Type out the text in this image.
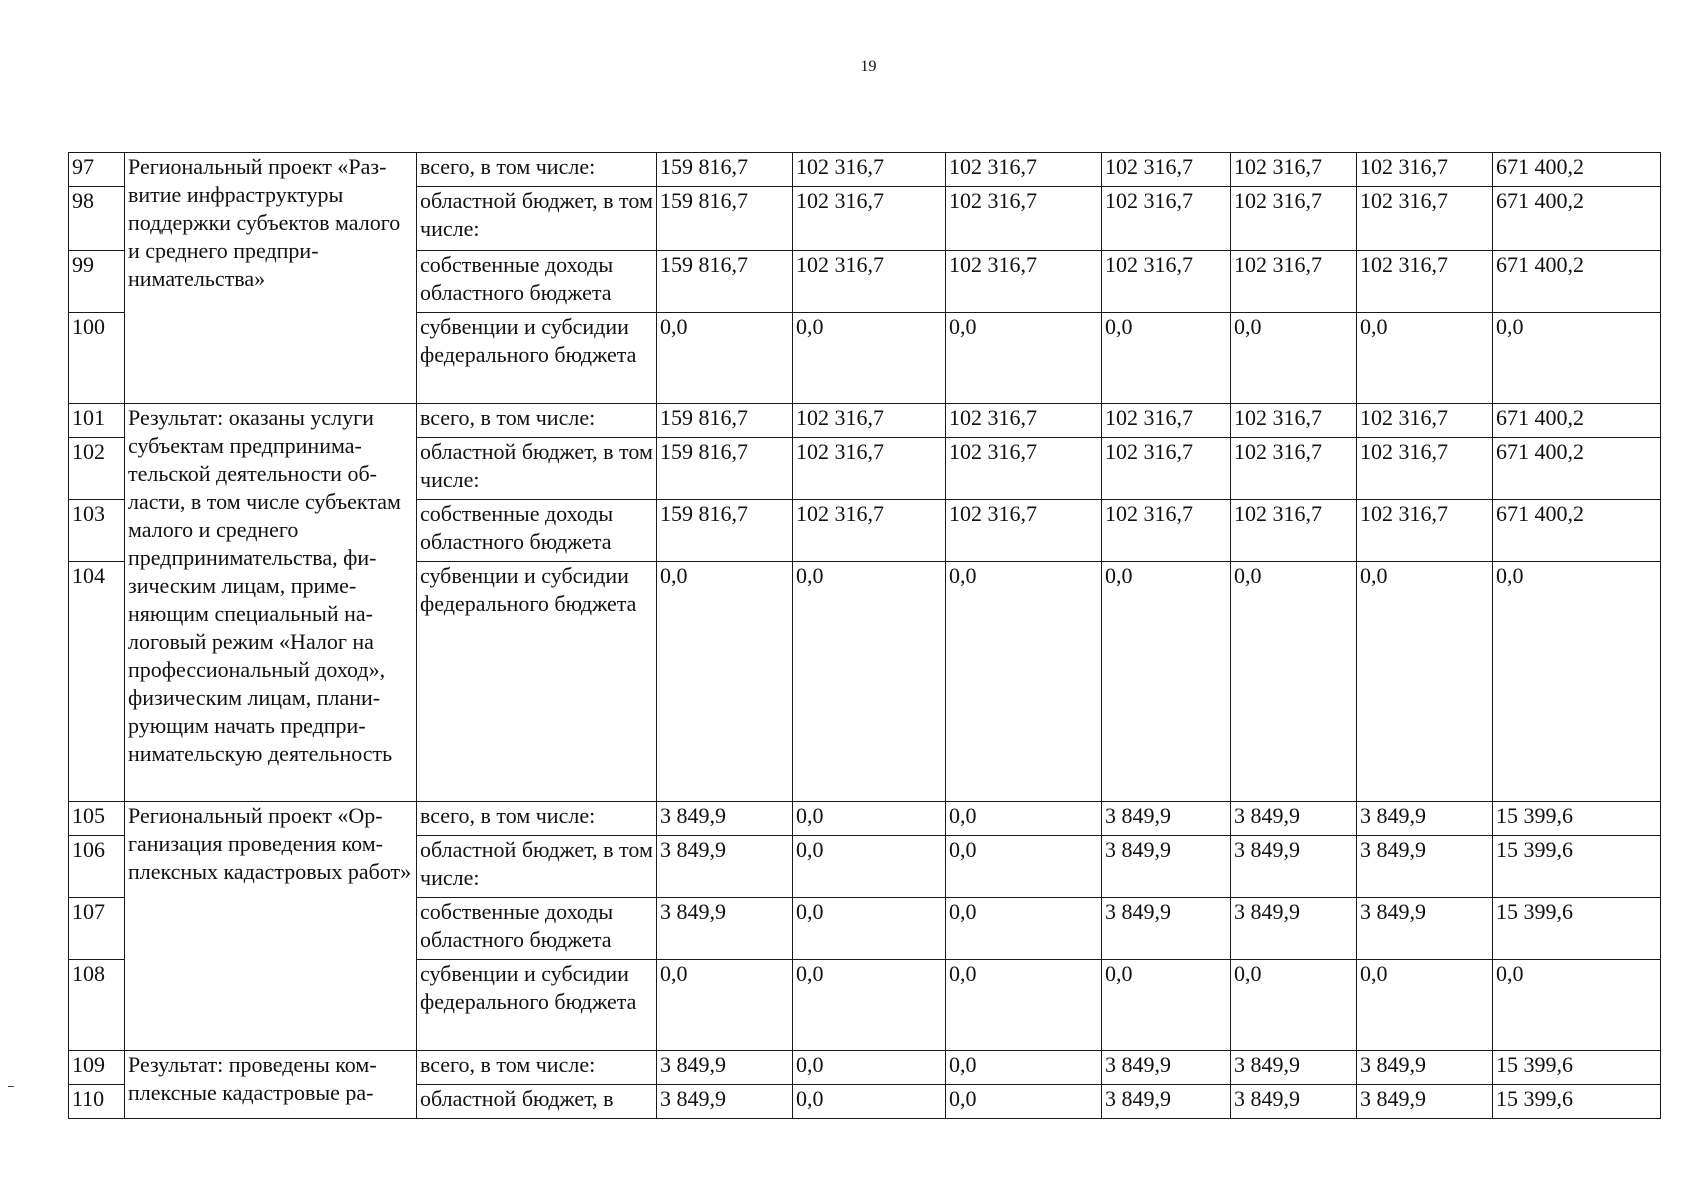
19
97	Региональный проект «Развитие инфраструктуры поддержки субъектов малого и среднего предпринимательства»	всего, в том числе:	159 816,7	102 316,7	102 316,7	102 316,7	102 316,7	102 316,7	671 400,2
98		областной бюджет, в том числе:	159 816,7	102 316,7	102 316,7	102 316,7	102 316,7	102 316,7	671 400,2
99		собственные доходы областного бюджета	159 816,7	102 316,7	102 316,7	102 316,7	102 316,7	102 316,7	671 400,2
100		субвенции и субсидии федерального бюджета	0,0	0,0	0,0	0,0	0,0	0,0	0,0
101	Результат: оказаны услуги субъектам предпринимательской деятельности области, в том числе субъектам малого и среднего предпринимательства, физическим лицам, применяющим специальный налоговый режим «Налог на профессиональный доход», физическим лицам, планирующим начать предпринимательскую деятельность	всего, в том числе:	159 816,7	102 316,7	102 316,7	102 316,7	102 316,7	102 316,7	671 400,2
102		областной бюджет, в том числе:	159 816,7	102 316,7	102 316,7	102 316,7	102 316,7	102 316,7	671 400,2
103		собственные доходы областного бюджета	159 816,7	102 316,7	102 316,7	102 316,7	102 316,7	102 316,7	671 400,2
104		субвенции и субсидии федерального бюджета	0,0	0,0	0,0	0,0	0,0	0,0	0,0
105	Региональный проект «Организация проведения комплексных кадастровых работ»	всего, в том числе:	3 849,9	0,0	0,0	3 849,9	3 849,9	3 849,9	15 399,6
106		областной бюджет, в том числе:	3 849,9	0,0	0,0	3 849,9	3 849,9	3 849,9	15 399,6
107		собственные доходы областного бюджета	3 849,9	0,0	0,0	3 849,9	3 849,9	3 849,9	15 399,6
108		субвенции и субсидии федерального бюджета	0,0	0,0	0,0	0,0	0,0	0,0	0,0
109	Результат: проведены комплексные кадастровые ра-	всего, в том числе:	3 849,9	0,0	0,0	3 849,9	3 849,9	3 849,9	15 399,6
110		областной бюджет, в	3 849,9	0,0	0,0	3 849,9	3 849,9	3 849,9	15 399,6
